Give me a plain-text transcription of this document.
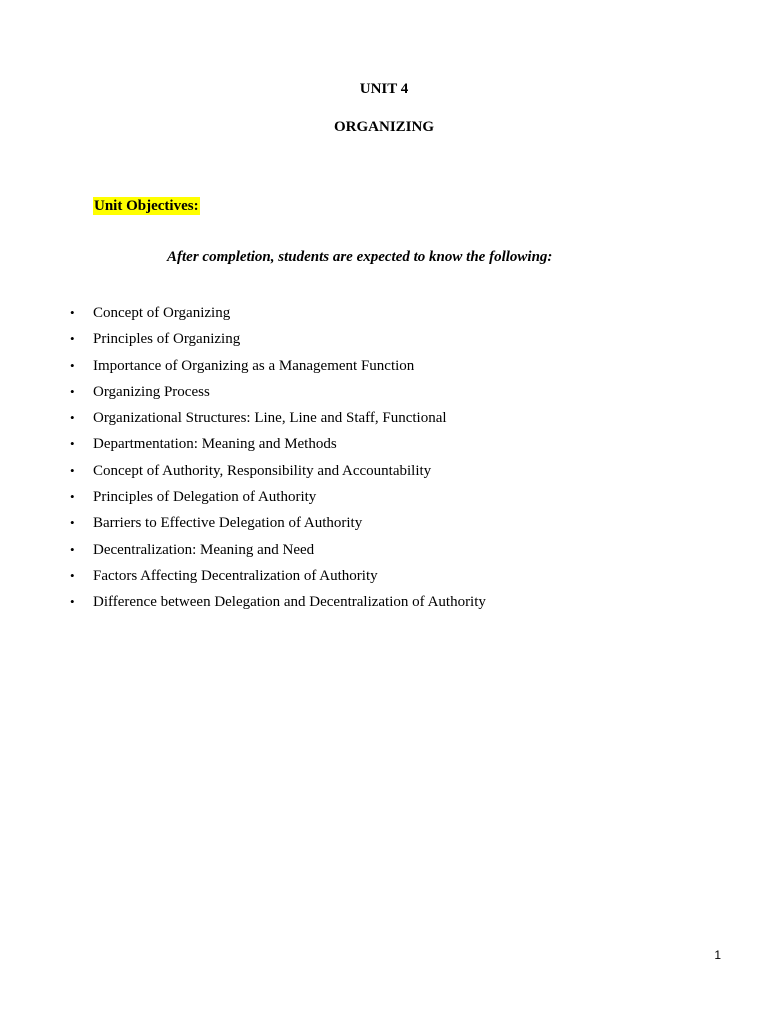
UNIT 4
ORGANIZING
Unit Objectives:
After completion, students are expected to know the following:
• Concept of Organizing
• Principles of Organizing
• Importance of Organizing as a Management Function
• Organizing Process
• Organizational Structures: Line, Line and Staff, Functional
• Departmentation: Meaning and Methods
• Concept of Authority, Responsibility and Accountability
• Principles of Delegation of Authority
• Barriers to Effective Delegation of Authority
• Decentralization: Meaning and Need
• Factors Affecting Decentralization of Authority
• Difference between Delegation and Decentralization of Authority
1
